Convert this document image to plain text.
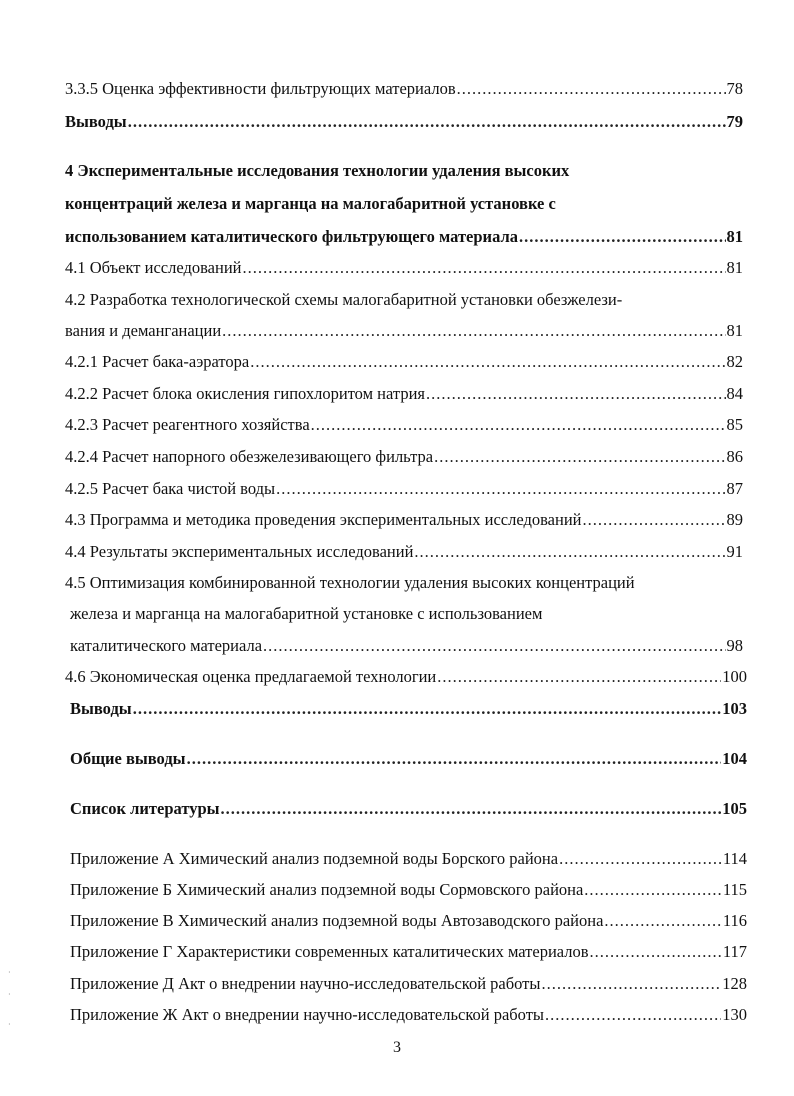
3.3.5 Оценка эффективности фильтрующих материалов .....	78
Выводы .....	79
4 Экспериментальные исследования технологии удаления высоких
концентраций железа и марганца на малогабаритной установке с
использованием каталитического фильтрующего материала .....	81
4.1 Объект исследований .....	81
4.2 Разработка технологической схемы малогабаритной установки обезжелези-
вания и деманганации .....	81
4.2.1 Расчет бака-аэратора .....	82
4.2.2 Расчет блока окисления гипохлоритом натрия .....	84
4.2.3 Расчет реагентного хозяйства .....	85
4.2.4 Расчет напорного обезжелезивающего фильтра .....	86
4.2.5 Расчет бака чистой воды .....	87
4.3 Программа и методика проведения экспериментальных исследований .....	89
4.4 Результаты экспериментальных исследований .....	91
4.5 Оптимизация комбинированной технологии удаления высоких концентраций
железа и марганца на малогабаритной установке с использованием
каталитического материала .....	98
4.6 Экономическая оценка предлагаемой технологии .....	100
Выводы .....	103
Общие выводы .....	104
Список литературы .....	105
Приложение А Химический анализ подземной воды Борского района .....	114
Приложение Б Химический анализ подземной воды Сормовского района .....	115
Приложение В Химический анализ подземной воды Автозаводского района .....	116
Приложение Г Характеристики современных каталитических материалов .....	117
Приложение Д Акт о внедрении научно-исследовательской работы .....	128
Приложение Ж Акт о внедрении научно-исследовательской работы .....	130
·
·
·
3
